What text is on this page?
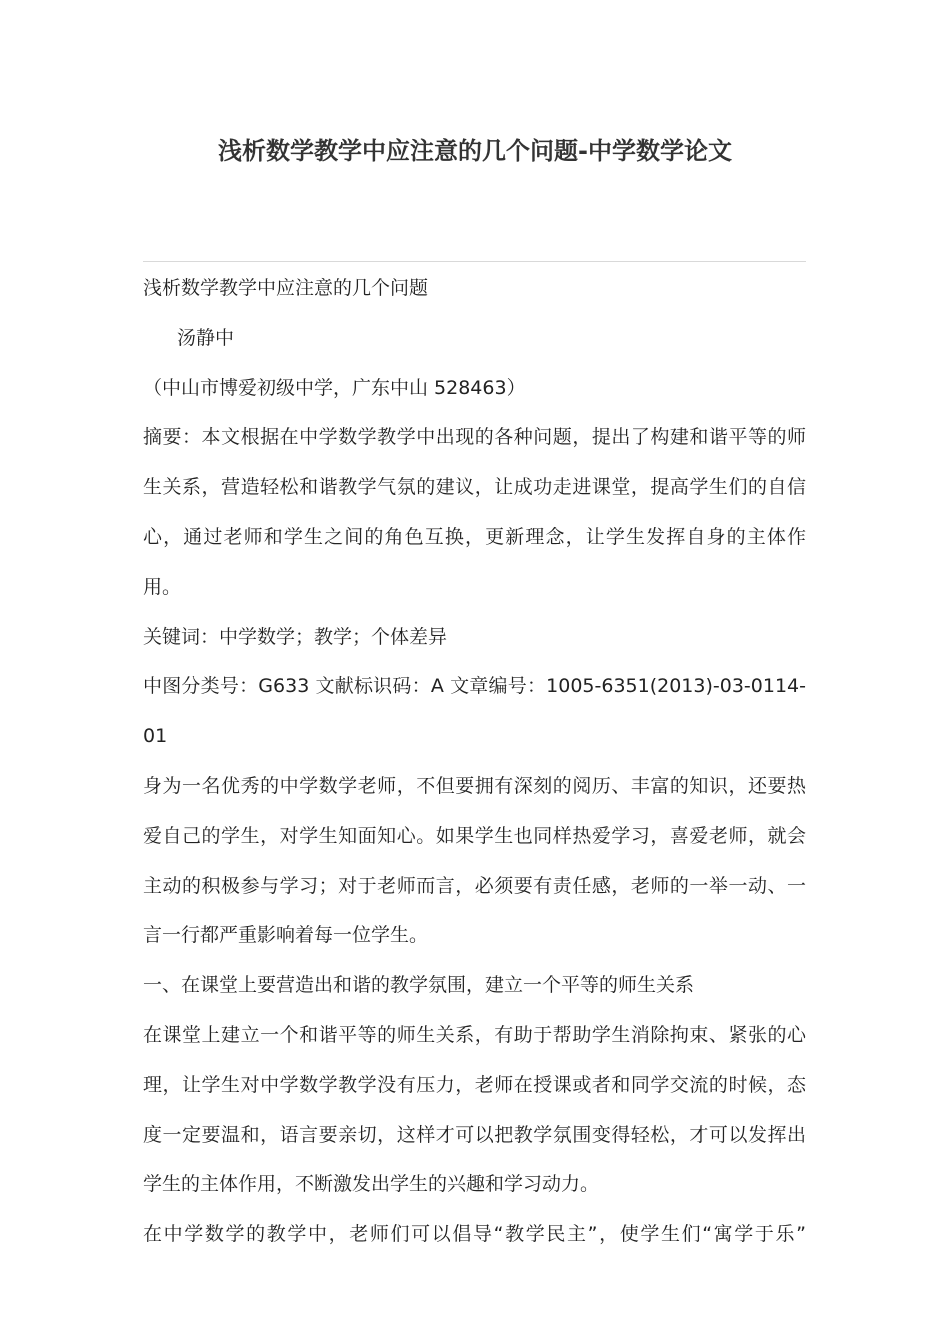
浅析数学教学中应注意的几个问题-中学数学论文

浅析数学教学中应注意的几个问题

汤静中

（中山市博爱初级中学，广东中山 528463）

摘要：本文根据在中学数学教学中出现的各种问题，提出了构建和谐平等的师生关系，营造轻松和谐教学气氛的建议，让成功走进课堂，提高学生们的自信心，通过老师和学生之间的角色互换，更新理念，让学生发挥自身的主体作用。

关键词：中学数学；教学；个体差异

中图分类号：G633 文献标识码：A 文章编号：1005-6351(2013)-03-0114-01

身为一名优秀的中学数学老师，不但要拥有深刻的阅历、丰富的知识，还要热爱自己的学生，对学生知面知心。如果学生也同样热爱学习，喜爱老师，就会主动的积极参与学习；对于老师而言，必须要有责任感，老师的一举一动、一言一行都严重影响着每一位学生。

一、在课堂上要营造出和谐的教学氛围，建立一个平等的师生关系

在课堂上建立一个和谐平等的师生关系，有助于帮助学生消除拘束、紧张的心理，让学生对中学数学教学没有压力，老师在授课或者和同学交流的时候，态度一定要温和，语言要亲切，这样才可以把教学氛围变得轻松，才可以发挥出学生的主体作用，不断激发出学生的兴趣和学习动力。

在中学数学的教学中，老师们可以倡导“教学民主”，使学生们“寓学于乐”
